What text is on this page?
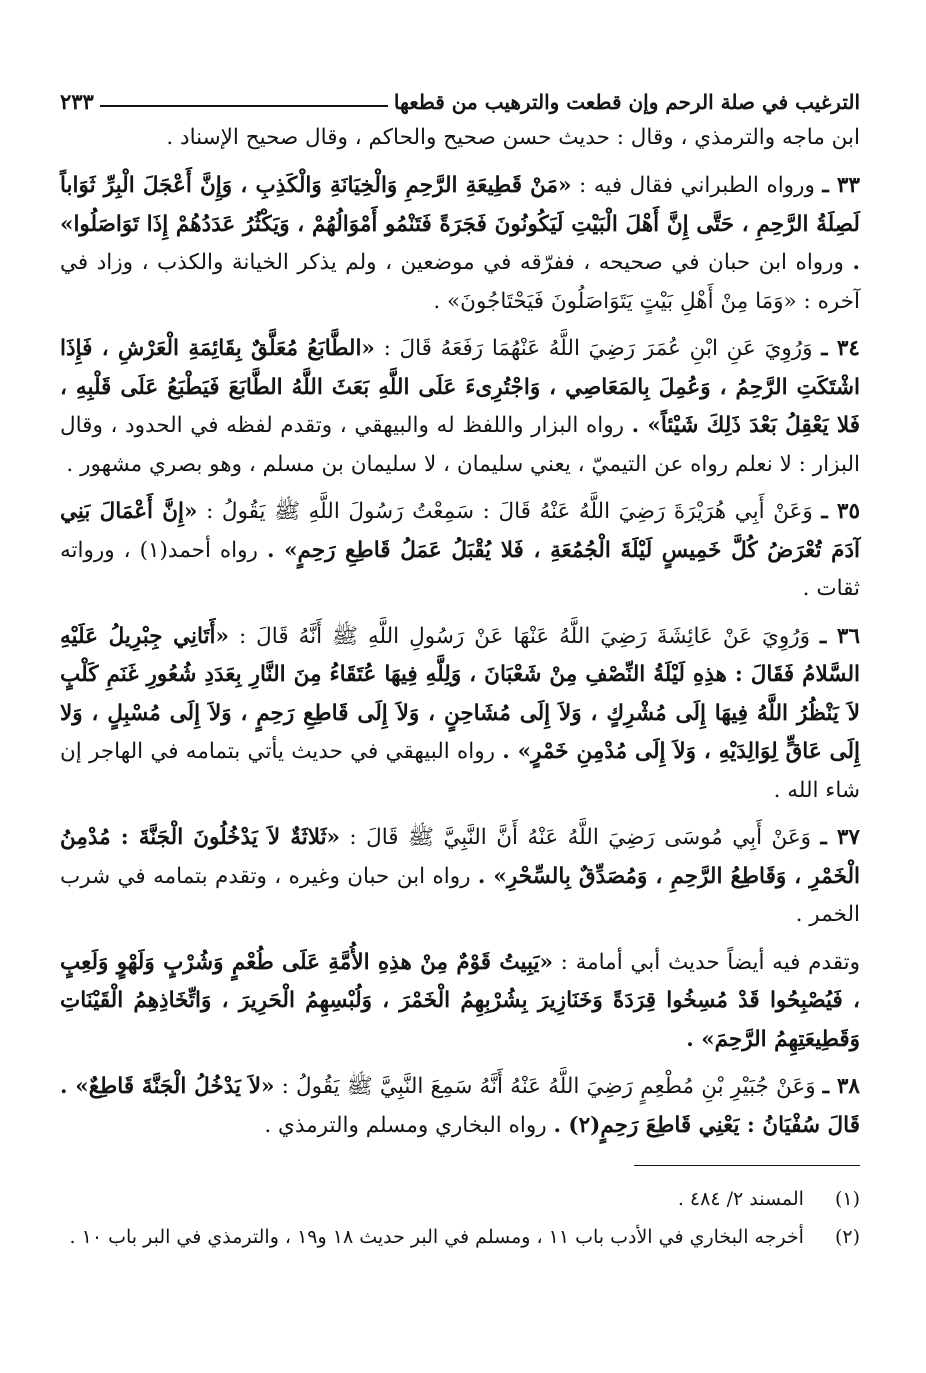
الترغيب في صلة الرحم وإن قطعت والترهيب من قطعها
٢٣٣

ابن ماجه والترمذي ، وقال : حديث حسن صحيح والحاكم ، وقال صحيح الإسناد .

٣٣ ـ ورواه الطبراني فقال فيه : «مَنْ قَطِيعَةِ الرَّحِمِ وَالْخِيَانَةِ وَالْكَذِبِ ، وَإِنَّ أَعْجَلَ الْبِرِّ ثَوَاباً لَصِلَةُ الرَّحِمِ ، حَتَّى إِنَّ أَهْلَ الْبَيْتِ لَيَكُونُونَ فَجَرَةً فَتَنْمُو أَمْوَالُهُمْ ، وَيَكْثُرُ عَدَدُهُمْ إِذَا تَوَاصَلُوا» . ورواه ابن حبان في صحيحه ، ففرّقه في موضعين ، ولم يذكر الخيانة والكذب ، وزاد في آخره : «وَمَا مِنْ أَهْلِ بَيْتٍ يَتَوَاصَلُونَ فَيَحْتَاجُونَ» .

٣٤ ـ وَرُوِيَ عَنِ ابْنِ عُمَرَ رَضِيَ اللَّهُ عَنْهُمَا رَفَعَهُ قَالَ : «الطَّابَعُ مُعَلَّقٌ بِقَائِمَةِ الْعَرْشِ ، فَإِذَا اشْتَكَتِ الرَّحِمُ ، وَعُمِلَ بِالمَعَاصِي ، وَاجْتُرِىءَ عَلَى اللَّهِ بَعَثَ اللَّهُ الطَّابَعَ فَيَطْبَعُ عَلَى قَلْبِهِ ، فَلا يَعْقِلُ بَعْدَ ذَلِكَ شَيْئاً» . رواه البزار واللفظ له والبيهقي ، وتقدم لفظه في الحدود ، وقال البزار : لا نعلم رواه عن التيميّ ، يعني سليمان ، لا سليمان بن مسلم ، وهو بصري مشهور .

٣٥ ـ وَعَنْ أَبِي هُرَيْرَةَ رَضِيَ اللَّهُ عَنْهُ قَالَ : سَمِعْتُ رَسُولَ اللَّهِ ﷺ يَقُولُ : «إِنَّ أَعْمَالَ بَنِي آدَمَ تُعْرَضُ كُلَّ خَمِيسٍ لَيْلَةَ الْجُمُعَةِ ، فَلا يُقْبَلُ عَمَلُ قَاطِعِ رَحِمٍ» . رواه أحمد(١) ، ورواته ثقات .

٣٦ ـ وَرُوِيَ عَنْ عَائِشَةَ رَضِيَ اللَّهُ عَنْهَا عَنْ رَسُولِ اللَّهِ ﷺ أَنَّهُ قَالَ : «أَتَانِي جِبْرِيلُ عَلَيْهِ السَّلامُ فَقَالَ : هذِهِ لَيْلَةُ النِّصْفِ مِنْ شَعْبَانَ ، وَلِلَّهِ فِيهَا عُتَقَاءُ مِنَ النَّارِ بِعَدَدِ شُعُورِ غَنَمِ كَلْبٍ لاَ يَنْظُرُ اللَّهُ فِيهَا إِلَى مُشْرِكٍ ، وَلاَ إِلَى مُشَاحِنٍ ، وَلاَ إِلَى قَاطِعِ رَحِمٍ ، وَلاَ إِلَى مُسْبِلٍ ، وَلا إِلَى عَاقٍّ لِوَالِدَيْهِ ، وَلاَ إِلَى مُدْمِنِ خَمْرٍ» . رواه البيهقي في حديث يأتي بتمامه في الهاجر إن شاء الله .

٣٧ ـ وَعَنْ أَبِي مُوسَى رَضِيَ اللَّهُ عَنْهُ أَنَّ النَّبِيَّ ﷺ قَالَ : «ثَلاثَةٌ لاَ يَدْخُلُونَ الْجَنَّةَ : مُدْمِنُ الْخَمْرِ ، وَقَاطِعُ الرَّحِمِ ، وَمُصَدِّقٌ بِالسِّحْرِ» . رواه ابن حبان وغيره ، وتقدم بتمامه في شرب الخمر .

وتقدم فيه أيضاً حديث أبي أمامة : «يَبِيتُ قَوْمٌ مِنْ هذِهِ الأُمَّةِ عَلَى طُعْمٍ وَشُرْبٍ وَلَهْوٍ وَلَعِبٍ ، فَيُصْبِحُوا قَدْ مُسِخُوا قِرَدَةً وَخَنَازِيرَ بِشُرْبِهِمُ الْخَمْرَ ، وَلُبْسِهِمُ الْحَرِيرَ ، وَاتِّخَاذِهِمُ الْقَيْنَاتِ وَقَطِيعَتِهِمُ الرَّحِمَ» .

٣٨ ـ وَعَنْ جُبَيْرِ بْنِ مُطْعِمٍ رَضِيَ اللَّهُ عَنْهُ أَنَّهُ سَمِعَ النَّبِيَّ ﷺ يَقُولُ : «لاَ يَدْخُلُ الْجَنَّةَ قَاطِعٌ» . قَالَ سُفْيَانُ : يَعْنِي قَاطِعَ رَحِمٍ(٢) . رواه البخاري ومسلم والترمذي .

(١) المسند ٢/ ٤٨٤ .

(٢) أخرجه البخاري في الأدب باب ١١ ، ومسلم في البر حديث ١٨ و١٩ ، والترمذي في البر باب ١٠ .
